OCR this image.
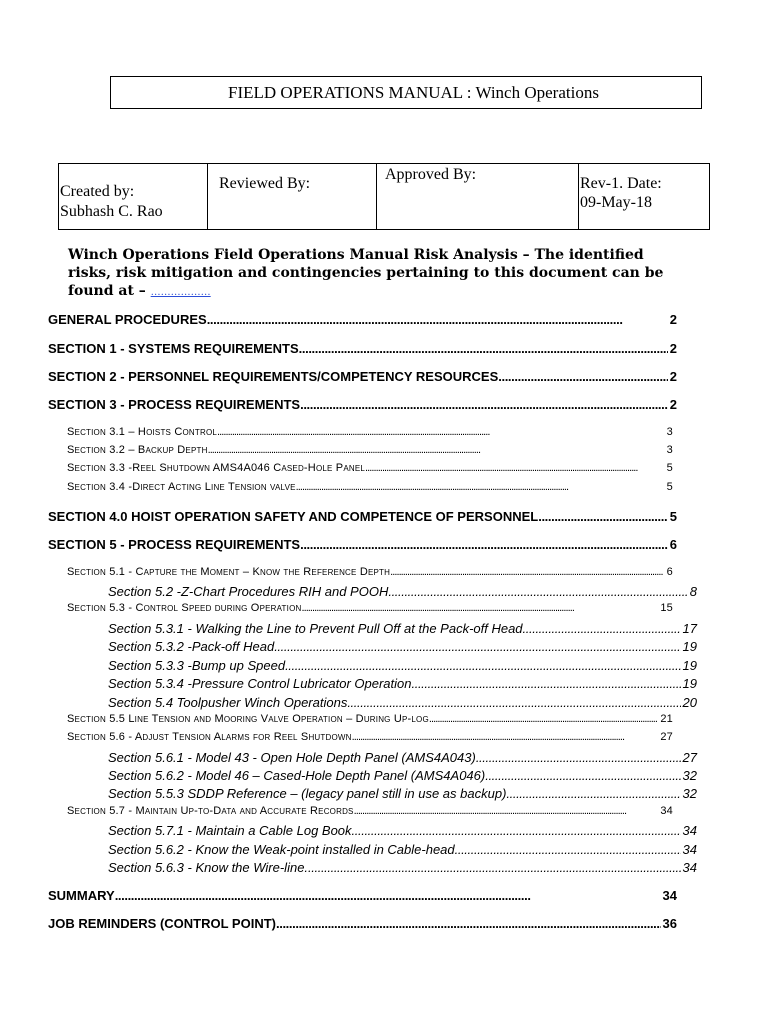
FIELD OPERATIONS MANUAL : Winch Operations
Created by:
Subhash C. Rao

Reviewed By:

Approved By:

Rev-1. Date:
09-May-18
Winch Operations Field Operations Manual Risk Analysis – The identified
risks, risk mitigation and contingencies pertaining to this document can be
found at – ………………
GENERAL PROCEDURES . . .	2
SECTION 1 - SYSTEMS REQUIREMENTS . . .	2
SECTION 2 - PERSONNEL REQUIREMENTS/COMPETENCY RESOURCES . . .	2
SECTION 3 - PROCESS REQUIREMENTS . . .	2
Section 3.1 – Hoists Control . . .	3
Section 3.2 – Backup Depth . . .	3
Section 3.3 -Reel Shutdown AMS4A046 Cased-Hole Panel . . .	5
Section 3.4 -Direct Acting Line Tension valve . . .	5
SECTION 4.0 HOIST OPERATION SAFETY AND COMPETENCE OF PERSONNEL . . .	5
SECTION 5 - PROCESS REQUIREMENTS . . .	6
Section 5.1 - Capture the Moment – Know the Reference Depth . . .	6
Section 5.2 -Z-Chart Procedures RIH and POOH . . .	8
Section 5.3 - Control Speed during Operation . . .	15
Section 5.3.1 - Walking the Line to Prevent Pull Off at the Pack-off Head . . .	17
Section 5.3.2 -Pack-off Head . . .	19
Section 5.3.3 -Bump up Speed . . .	19
Section 5.3.4 -Pressure Control Lubricator Operation . . .	19
Section 5.4 Toolpusher Winch Operations . . .	20
Section 5.5 Line Tension and Mooring Valve Operation – During Up-log . . .	21
Section 5.6 - Adjust Tension Alarms for Reel Shutdown . . .	27
Section 5.6.1 - Model 43 - Open Hole Depth Panel (AMS4A043) . . .	27
Section 5.6.2 - Model 46 – Cased-Hole Depth Panel (AMS4A046) . . .	32
Section 5.5.3 SDDP Reference – (legacy panel still in use as backup) . . .	32
Section 5.7 - Maintain Up-to-Data and Accurate Records . . .	34
Section 5.7.1 - Maintain a Cable Log Book . . .	34
Section 5.6.2 - Know the Weak-point installed in Cable-head . . .	34
Section 5.6.3 - Know the Wire-line. . . .	34
SUMMARY . . .	34
JOB REMINDERS (CONTROL POINT) . . .	36
